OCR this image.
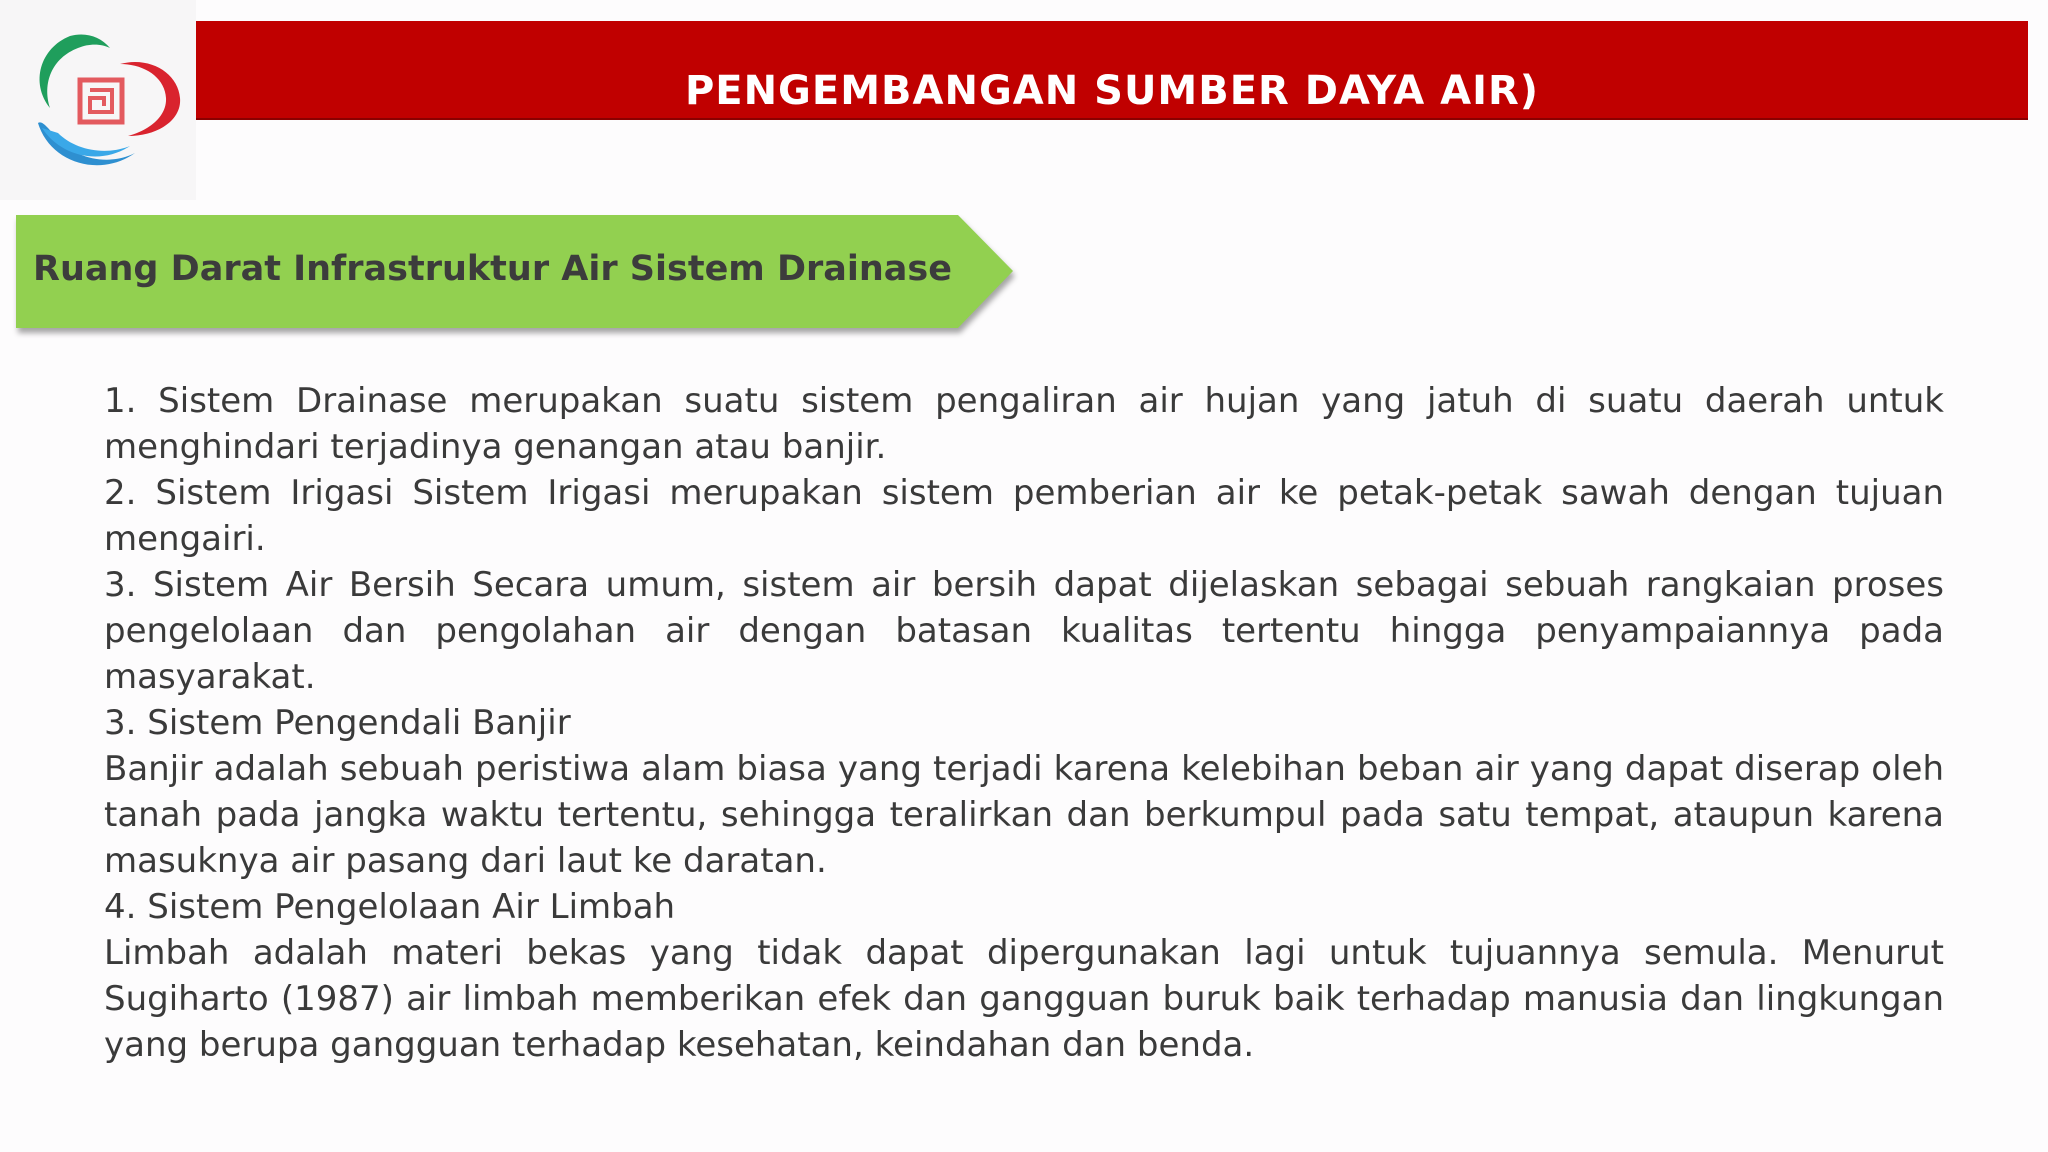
PENGEMBANGAN SUMBER DAYA AIR)
Ruang Darat Infrastruktur Air Sistem Drainase

1. Sistem Drainase merupakan suatu sistem pengaliran air hujan yang jatuh di suatu daerah untuk menghindari terjadinya genangan atau banjir.

2. Sistem Irigasi Sistem Irigasi merupakan sistem pemberian air ke petak-petak sawah dengan tujuan mengairi.

3. Sistem Air Bersih Secara umum, sistem air bersih dapat dijelaskan sebagai sebuah rangkaian proses pengelolaan dan pengolahan air dengan batasan kualitas tertentu hingga penyampaiannya pada masyarakat.

3. Sistem Pengendali Banjir

Banjir adalah sebuah peristiwa alam biasa yang terjadi karena kelebihan beban air yang dapat diserap oleh tanah pada jangka waktu tertentu, sehingga teralirkan dan berkumpul pada satu tempat, ataupun karena masuknya air pasang dari laut ke daratan.

4. Sistem Pengelolaan Air Limbah

Limbah adalah materi bekas yang tidak dapat dipergunakan lagi untuk tujuannya semula. Menurut Sugiharto (1987) air limbah memberikan efek dan gangguan buruk baik terhadap manusia dan lingkungan yang berupa gangguan terhadap kesehatan, keindahan dan benda.
